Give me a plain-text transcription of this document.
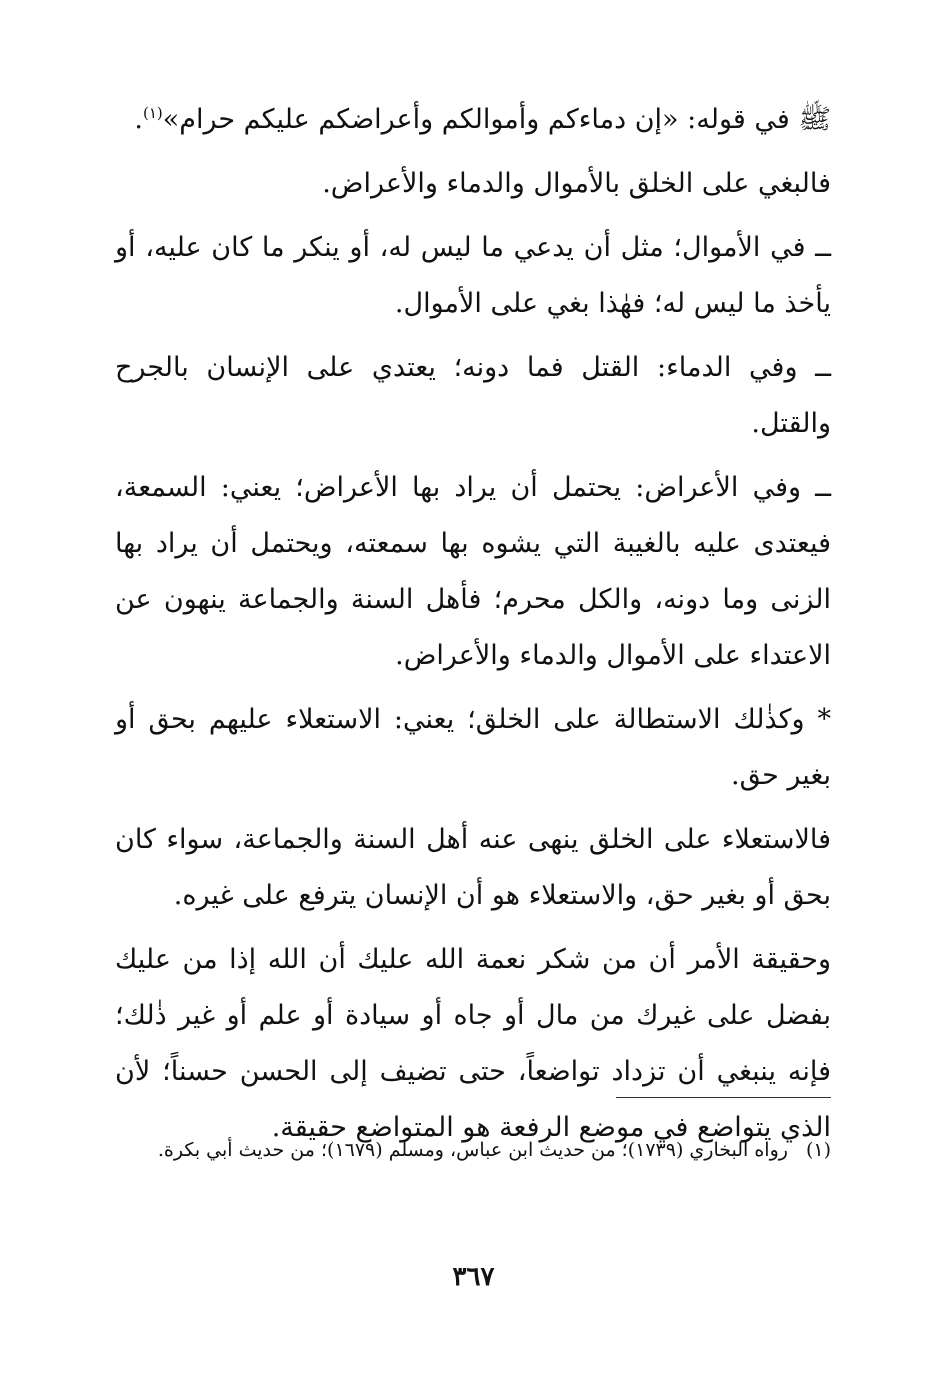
ﷺ في قوله: «إن دماءكم وأموالكم وأعراضكم عليكم حرام»$^{(١)}$.

فالبغي على الخلق بالأموال والدماء والأعراض.

ــ في الأموال؛ مثل أن يدعي ما ليس له، أو ينكر ما كان عليه، أو يأخذ ما ليس له؛ فهٰذا بغي على الأموال.

ــ وفي الدماء: القتل فما دونه؛ يعتدي على الإنسان بالجرح والقتل.

ــ وفي الأعراض: يحتمل أن يراد بها الأعراض؛ يعني: السمعة، فيعتدى عليه بالغيبة التي يشوه بها سمعته، ويحتمل أن يراد بها الزنى وما دونه، والكل محرم؛ فأهل السنة والجماعة ينهون عن الاعتداء على الأموال والدماء والأعراض.

* وكذٰلك الاستطالة على الخلق؛ يعني: الاستعلاء عليهم بحق أو بغير حق.

فالاستعلاء على الخلق ينهى عنه أهل السنة والجماعة، سواء كان بحق أو بغير حق، والاستعلاء هو أن الإنسان يترفع على غيره.

وحقيقة الأمر أن من شكر نعمة الله عليك أن الله إذا من عليك بفضل على غيرك من مال أو جاه أو سيادة أو علم أو غير ذٰلك؛ فإنه ينبغي أن تزداد تواضعاً، حتى تضيف إلى الحسن حسناً؛ لأن الذي يتواضع في موضع الرفعة هو المتواضع حقيقة.

(١)رواه البخاري (١٧٣٩)؛ من حديث ابن عباس، ومسلم (١٦٧٩)؛ من حديث أبي بكرة.
٣٦٧
